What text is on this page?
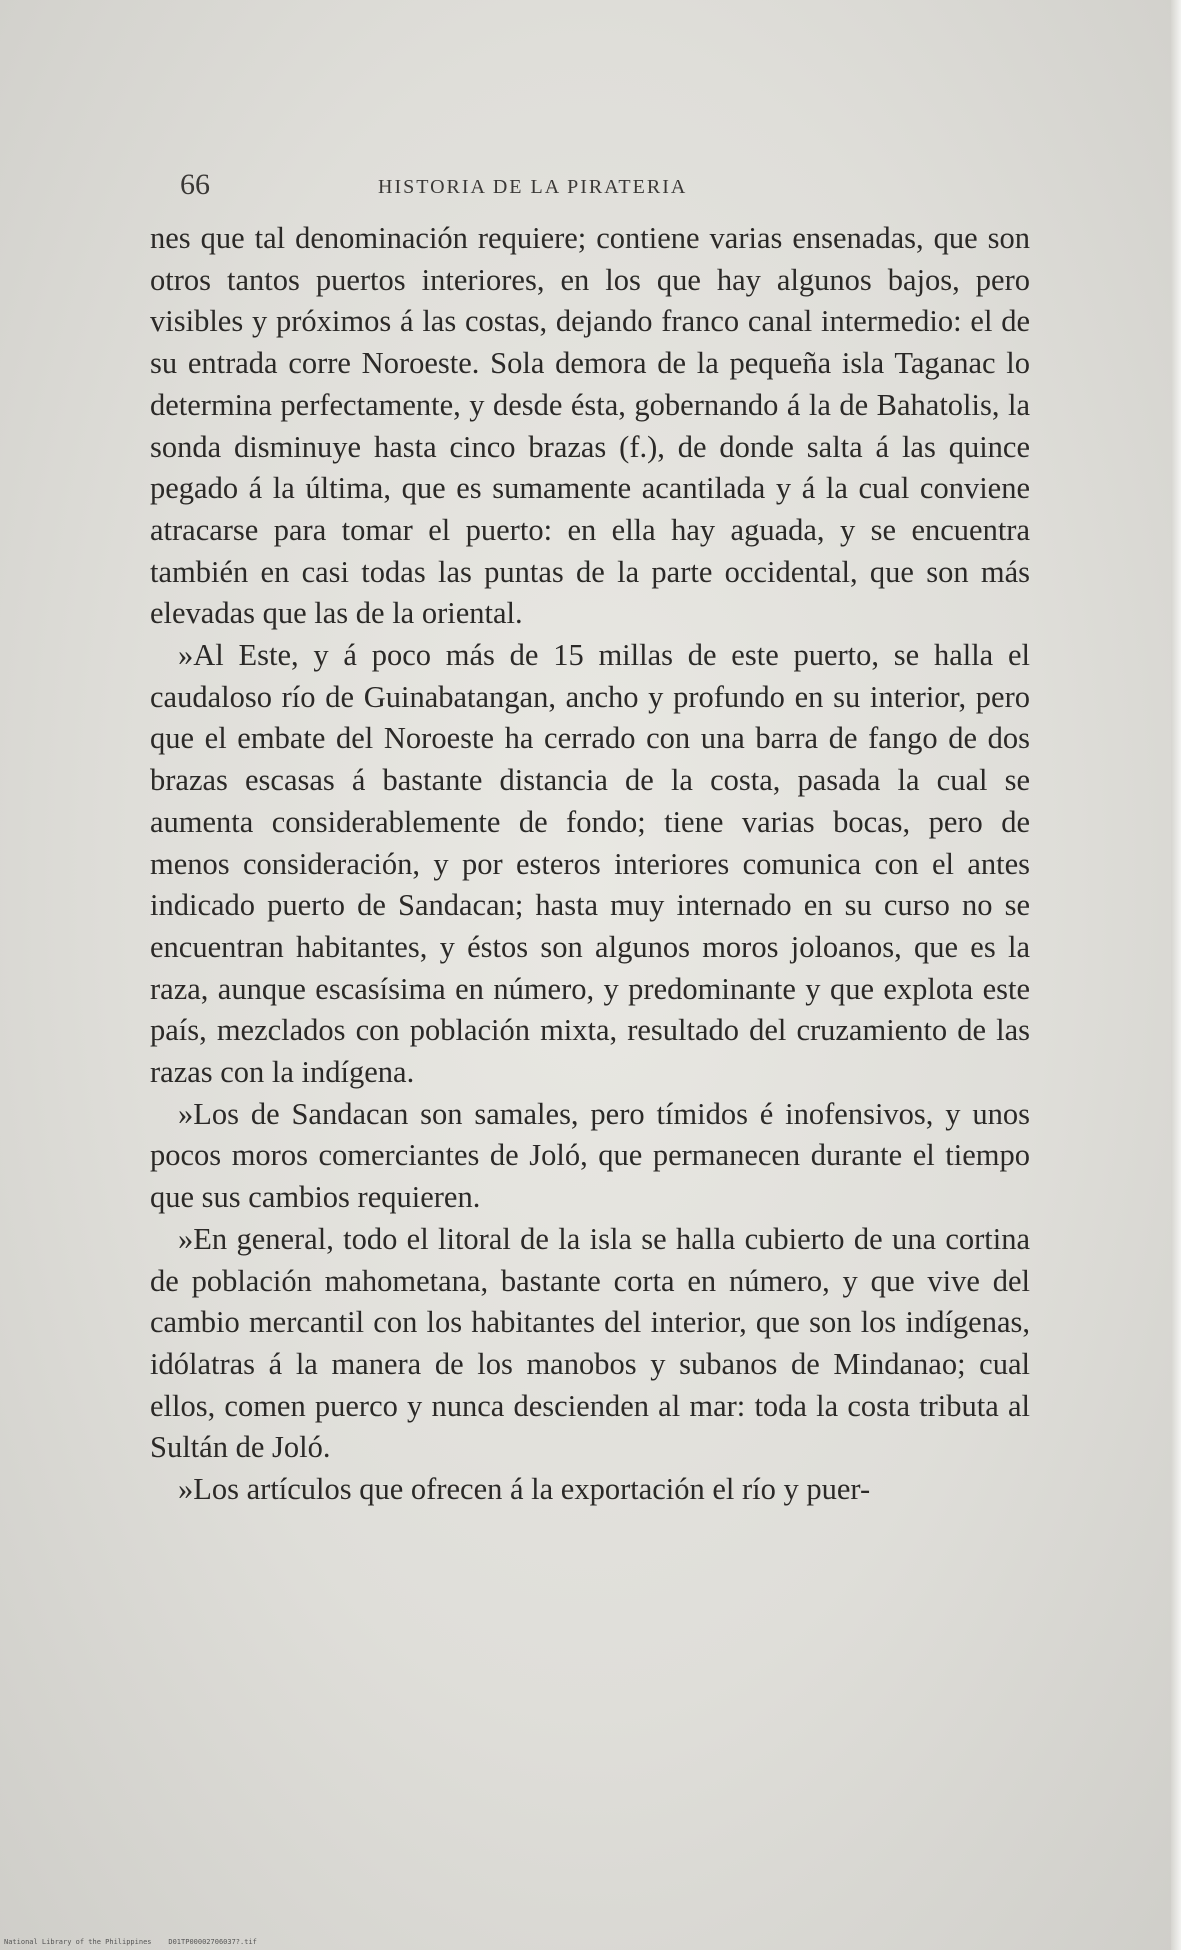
66	HISTORIA DE LA PIRATERIA

nes que tal denominación requiere; contiene varias ensenadas, que son otros tantos puertos interiores, en los que hay algunos bajos, pero visibles y próximos á las costas, dejando franco canal intermedio: el de su entrada corre Noroeste. Sola demora de la pequeña isla Taganac lo determina perfectamente, y desde ésta, gobernando á la de Bahatolis, la sonda disminuye hasta cinco brazas (f.), de donde salta á las quince pegado á la última, que es sumamente acantilada y á la cual conviene atracarse para tomar el puerto: en ella hay aguada, y se encuentra también en casi todas las puntas de la parte occidental, que son más elevadas que las de la oriental.

»Al Este, y á poco más de 15 millas de este puerto, se halla el caudaloso río de Guinabatangan, ancho y profundo en su interior, pero que el embate del Noroeste ha cerrado con una barra de fango de dos brazas escasas á bastante distancia de la costa, pasada la cual se aumenta considerablemente de fondo; tiene varias bocas, pero de menos consideración, y por esteros interiores comunica con el antes indicado puerto de Sandacan; hasta muy internado en su curso no se encuentran habitantes, y éstos son algunos moros joloanos, que es la raza, aunque escasísima en número, y predominante y que explota este país, mezclados con población mixta, resultado del cruzamiento de las razas con la indígena.

»Los de Sandacan son samales, pero tímidos é inofensivos, y unos pocos moros comerciantes de Joló, que permanecen durante el tiempo que sus cambios requieren.

»En general, todo el litoral de la isla se halla cubierto de una cortina de población mahometana, bastante corta en número, y que vive del cambio mercantil con los habitantes del interior, que son los indígenas, idólatras á la manera de los manobos y subanos de Mindanao; cual ellos, comen puerco y nunca descienden al mar: toda la costa tributa al Sultán de Joló.

»Los artículos que ofrecen á la exportación el río y puer-

National Library of the Philippines D01TP00002706037?.tif
